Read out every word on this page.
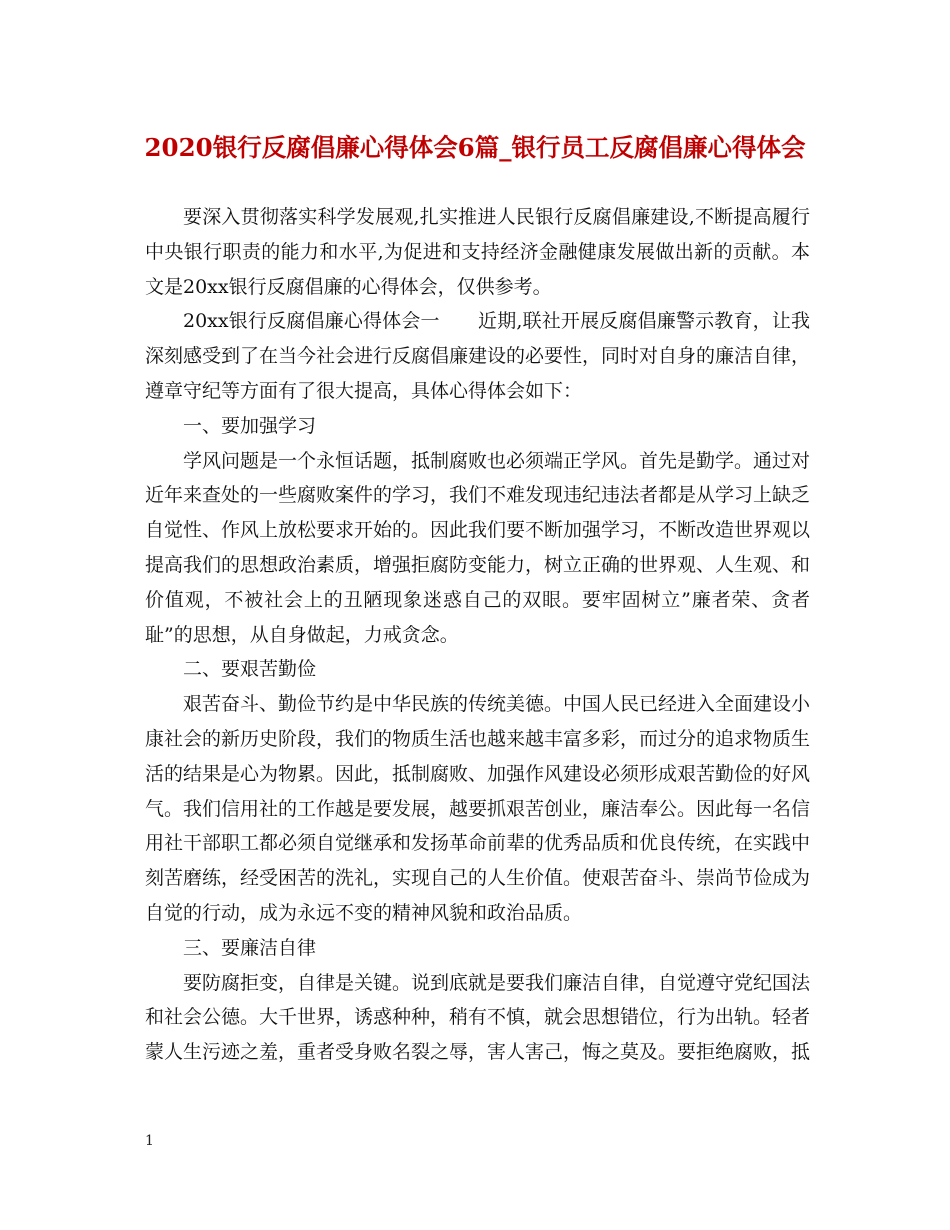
2020银行反腐倡廉心得体会6篇_银行员工反腐倡廉心得体会

要深入贯彻落实科学发展观,扎实推进人民银行反腐倡廉建设,不断提高履行中央银行职责的能力和水平,为促进和支持经济金融健康发展做出新的贡献。本文是20xx银行反腐倡廉的心得体会，仅供参考。

20xx银行反腐倡廉心得体会一　　近期,联社开展反腐倡廉警示教育，让我深刻感受到了在当今社会进行反腐倡廉建设的必要性，同时对自身的廉洁自律，遵章守纪等方面有了很大提高，具体心得体会如下：

一、要加强学习

学风问题是一个永恒话题，抵制腐败也必须端正学风。首先是勤学。通过对近年来查处的一些腐败案件的学习，我们不难发现违纪违法者都是从学习上缺乏自觉性、作风上放松要求开始的。因此我们要不断加强学习，不断改造世界观以提高我们的思想政治素质，增强拒腐防变能力，树立正确的世界观、人生观、和价值观，不被社会上的丑陋现象迷惑自己的双眼。要牢固树立”廉者荣、贪者耻”的思想，从自身做起，力戒贪念。

二、要艰苦勤俭

艰苦奋斗、勤俭节约是中华民族的传统美德。中国人民已经进入全面建设小康社会的新历史阶段，我们的物质生活也越来越丰富多彩，而过分的追求物质生活的结果是心为物累。因此，抵制腐败、加强作风建设必须形成艰苦勤俭的好风气。我们信用社的工作越是要发展，越要抓艰苦创业，廉洁奉公。因此每一名信用社干部职工都必须自觉继承和发扬革命前辈的优秀品质和优良传统，在实践中刻苦磨练，经受困苦的洗礼，实现自己的人生价值。使艰苦奋斗、崇尚节俭成为自觉的行动，成为永远不变的精神风貌和政治品质。

三、要廉洁自律

要防腐拒变，自律是关键。说到底就是要我们廉洁自律，自觉遵守党纪国法和社会公德。大千世界，诱惑种种，稍有不慎，就会思想错位，行为出轨。轻者蒙人生污迹之羞，重者受身败名裂之辱，害人害己，悔之莫及。要拒绝腐败，抵

1
